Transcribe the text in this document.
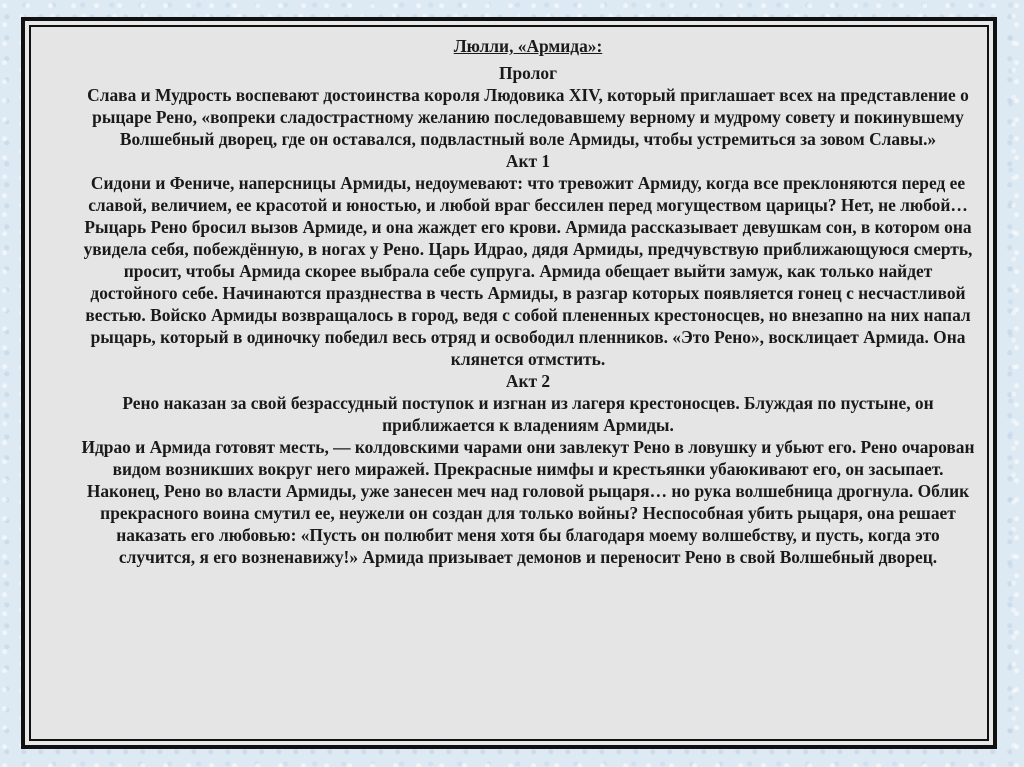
Люлли, «Армида»:

Пролог

Слава и Мудрость воспевают достоинства короля Людовика XIV, который приглашает всех на представление о рыцаре Рено, «вопреки сладострастному желанию последовавшему верному и мудрому совету и покинувшему Волшебный дворец, где он оставался, подвластный воле Армиды, чтобы устремиться за зовом Славы.»

Акт 1

Сидони и Фениче, наперсницы Армиды, недоумевают: что тревожит Армиду, когда все преклоняются перед ее славой, величием, ее красотой и юностью, и любой враг бессилен перед могуществом царицы? Нет, не любой… Рыцарь Рено бросил вызов Армиде, и она жаждет его крови. Армида рассказывает девушкам сон, в котором она увидела себя, побеждённую, в ногах у Рено. Царь Идрао, дядя Армиды, предчувствую приближающуюся смерть, просит, чтобы Армида скорее выбрала себе супруга. Армида обещает выйти замуж, как только найдет достойного себе. Начинаются празднества в честь Армиды, в разгар которых появляется гонец с несчастливой вестью. Войско Армиды возвращалось в город, ведя с собой плененных крестоносцев, но внезапно на них напал рыцарь, который в одиночку победил весь отряд и освободил пленников. «Это Рено», восклицает Армида. Она клянется отмстить.

Акт 2

Рено наказан за свой безрассудный поступок и изгнан из лагеря крестоносцев. Блуждая по пустыне, он приближается к владениям Армиды.

Идрао и Армида готовят месть, — колдовскими чарами они завлекут Рено в ловушку и убьют его. Рено очарован видом возникших вокруг него миражей. Прекрасные нимфы и крестьянки убаюкивают его, он засыпает. Наконец, Рено во власти Армиды, уже занесен меч над головой рыцаря… но рука волшебница дрогнула. Облик прекрасного воина смутил ее, неужели он создан для только войны? Неспособная убить рыцаря, она решает наказать его любовью: «Пусть он полюбит меня хотя бы благодаря моему волшебству, и пусть, когда это случится, я его возненавижу!» Армида призывает демонов и переносит Рено в свой Волшебный дворец.
